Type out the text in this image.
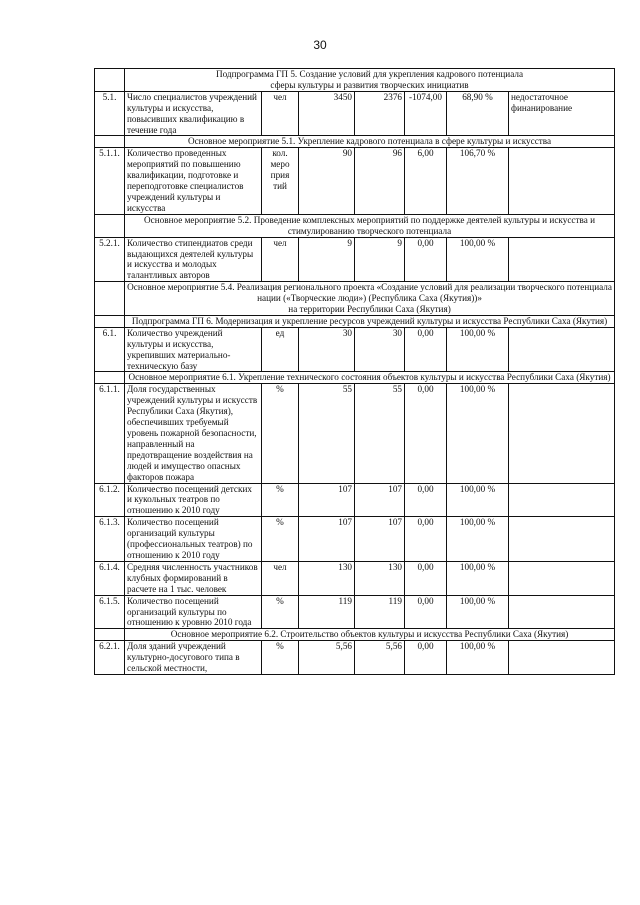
30
	Подпрограмма ГП 5. Создание условий для укрепления кадрового потенциала
сферы культуры и развития творческих инициатив						
5.1.	Число специалистов учреждений культуры и искусства, повысивших квалификацию в течение года	чел	3450	2376	-1074,00	68,90 %	недостаточное финанирование
	Основное мероприятие 5.1. Укрепление кадрового потенциала в сфере культуры и искусства						
5.1.1.	Количество проведенных мероприятий по повышению квалификации, подготовке и переподготовке специалистов учреждений культуры и искусства	кол.
меро
прия
тий	90	96	6,00	106,70 %	
	Основное мероприятие 5.2. Проведение комплексных мероприятий по поддержке деятелей культуры и искусства и стимулированию творческого потенциала						
5.2.1.	Количество стипендиатов среди выдающихся деятелей культуры и искусства и молодых талантливых авторов	чел	9	9	0,00	100,00 %	
	Основное мероприятие 5.4. Реализация регионального проекта «Создание условий для реализации творческого потенциала нации («Творческие люди») (Республика Саха (Якутия))»
на территории Республики Саха (Якутия)						
	Подпрограмма ГП 6. Модернизация и укрепление ресурсов учреждений культуры и искусства Республики Саха (Якутия)						
6.1.	Количество учреждений культуры и искусства, укрепивших материально-техническую базу	ед	30	30	0,00	100,00 %	
	Основное мероприятие 6.1. Укрепление технического состояния объектов культуры и искусства Республики Саха (Якутия)						
6.1.1.	Доля государственных учреждений культуры и искусств Республики Саха (Якутия), обеспечивших требуемый уровень пожарной безопасности, направленный на предотвращение воздействия на людей и имущество опасных факторов пожара	%	55	55	0,00	100,00 %	
6.1.2.	Количество посещений детских и кукольных театров по отношению к 2010 году	%	107	107	0,00	100,00 %	
6.1.3.	Количество посещений организаций культуры (профессиональных театров) по отношению к 2010 году	%	107	107	0,00	100,00 %	
6.1.4.	Средняя численность участников клубных формирований в расчете на 1 тыс. человек	чел	130	130	0,00	100,00 %	
6.1.5.	Количество посещений организаций культуры по отношению к уровню 2010 года	%	119	119	0,00	100,00 %	
	Основное мероприятие 6.2. Строительство объектов культуры и искусства Республики Саха (Якутия)						
6.2.1.	Доля зданий учреждений культурно-досугового типа в сельской местности,	%	5,56	5,56	0,00	100,00 %	
